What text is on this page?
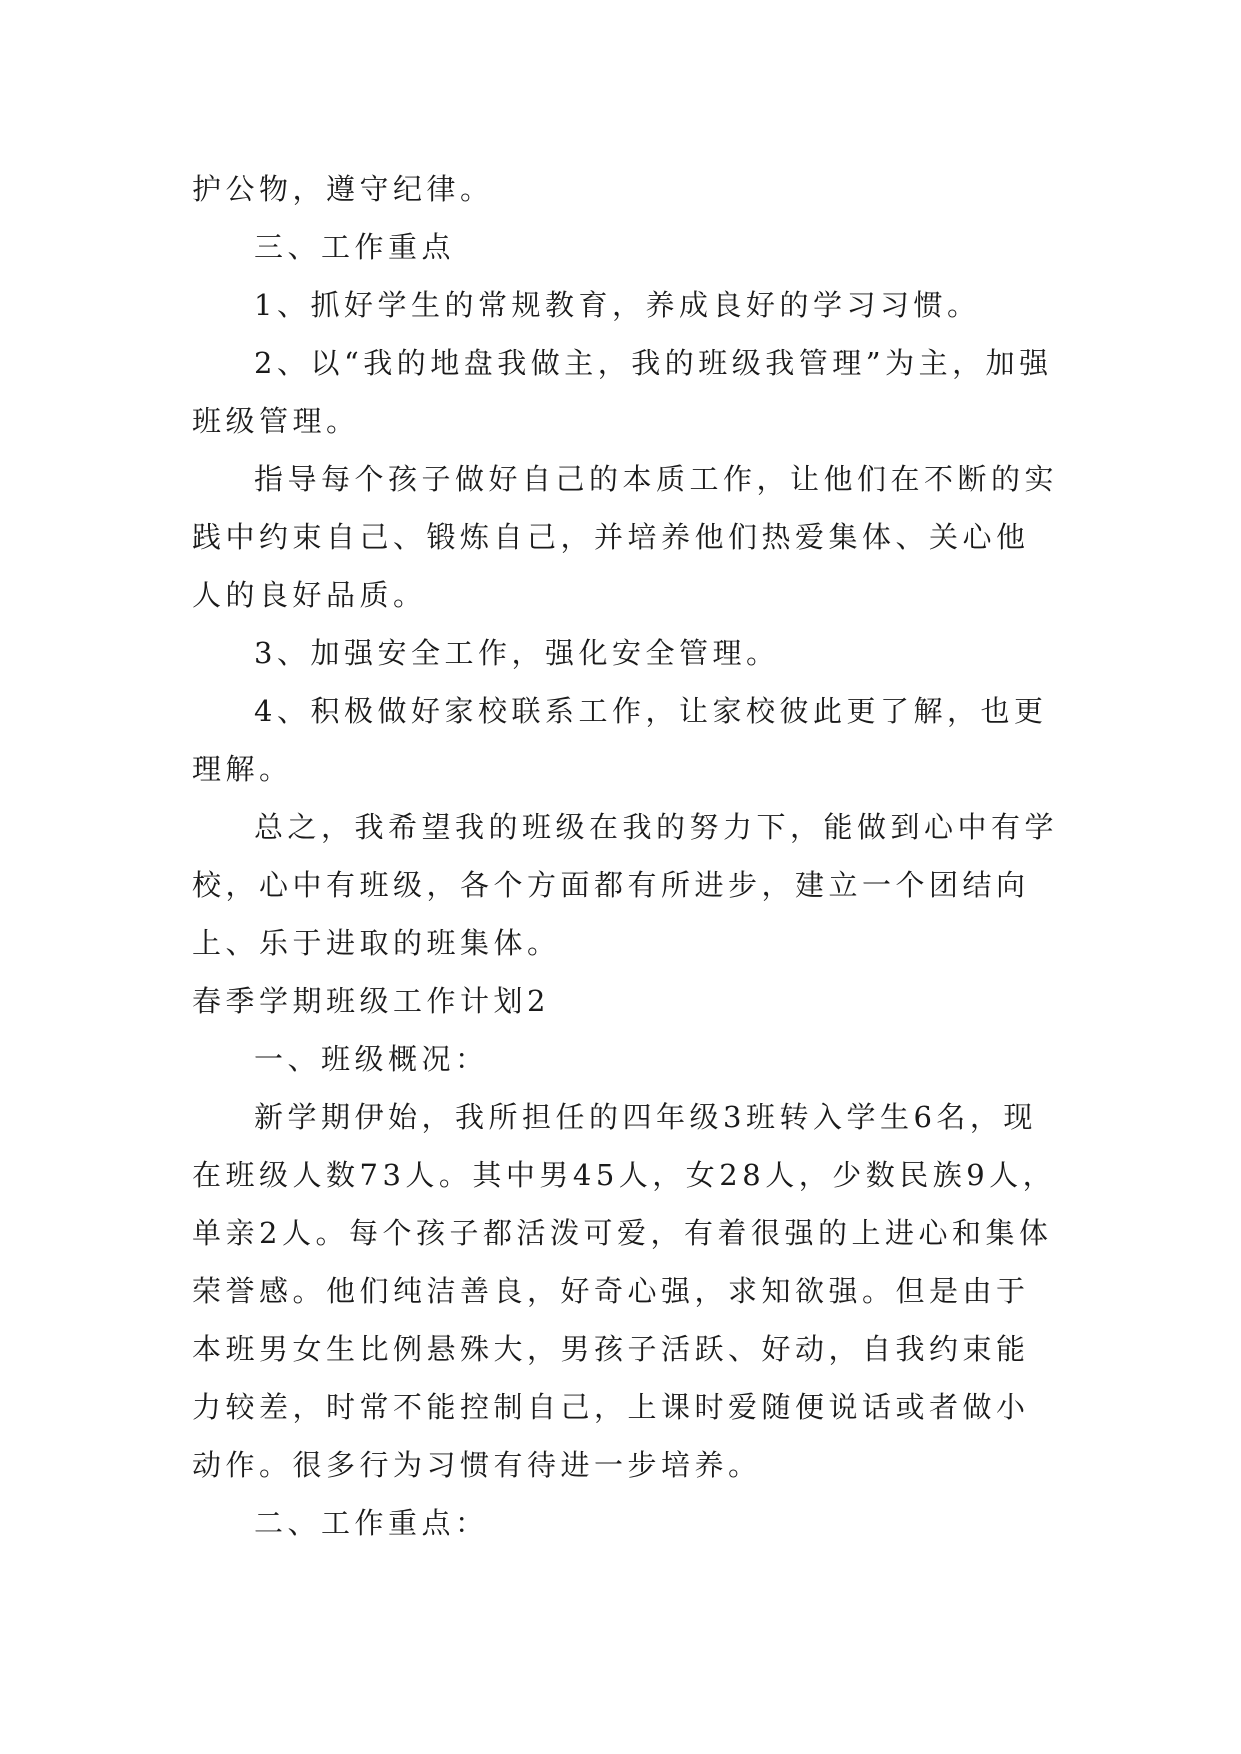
护公物，遵守纪律。

三、工作重点

1、抓好学生的常规教育，养成良好的学习习惯。

2、以“我的地盘我做主，我的班级我管理”为主，加强班级管理。

指导每个孩子做好自己的本质工作，让他们在不断的实践中约束自己、锻炼自己，并培养他们热爱集体、关心他人的良好品质。

3、加强安全工作，强化安全管理。

4、积极做好家校联系工作，让家校彼此更了解，也更理解。

总之，我希望我的班级在我的努力下，能做到心中有学校，心中有班级，各个方面都有所进步，建立一个团结向上、乐于进取的班集体。

春季学期班级工作计划2

一、班级概况：

新学期伊始，我所担任的四年级3班转入学生6名，现在班级人数73人。其中男45人，女28人，少数民族9人，单亲2人。每个孩子都活泼可爱，有着很强的上进心和集体荣誉感。他们纯洁善良，好奇心强，求知欲强。但是由于本班男女生比例悬殊大，男孩子活跃、好动，自我约束能力较差，时常不能控制自己，上课时爱随便说话或者做小动作。很多行为习惯有待进一步培养。

二、工作重点：
